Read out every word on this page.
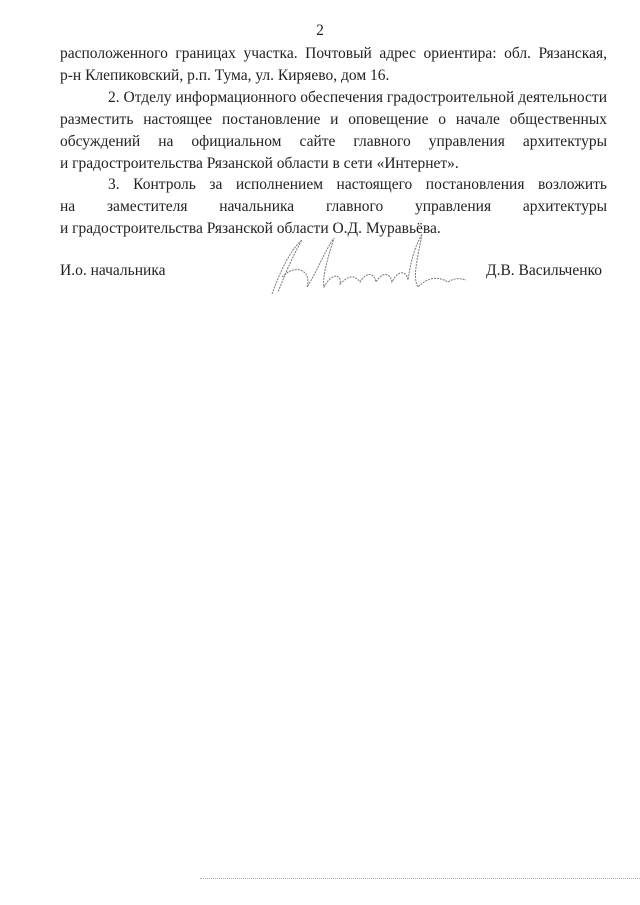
2
расположенного границах участка. Почтовый адрес ориентира: обл. Рязанская,
р-н Клепиковский, р.п. Тума, ул. Киряево, дом 16.
2. Отделу информационного обеспечения градостроительной деятельности
разместить настоящее постановление и оповещение о начале общественных
обсуждений на официальном сайте главного управления архитектуры
и градостроительства Рязанской области в сети «Интернет».
3. Контроль за исполнением настоящего постановления возложить
на заместителя начальника главного управления архитектуры
и градостроительства Рязанской области О.Д. Муравьёва.
И.о. начальника	Д.В. Васильченко
